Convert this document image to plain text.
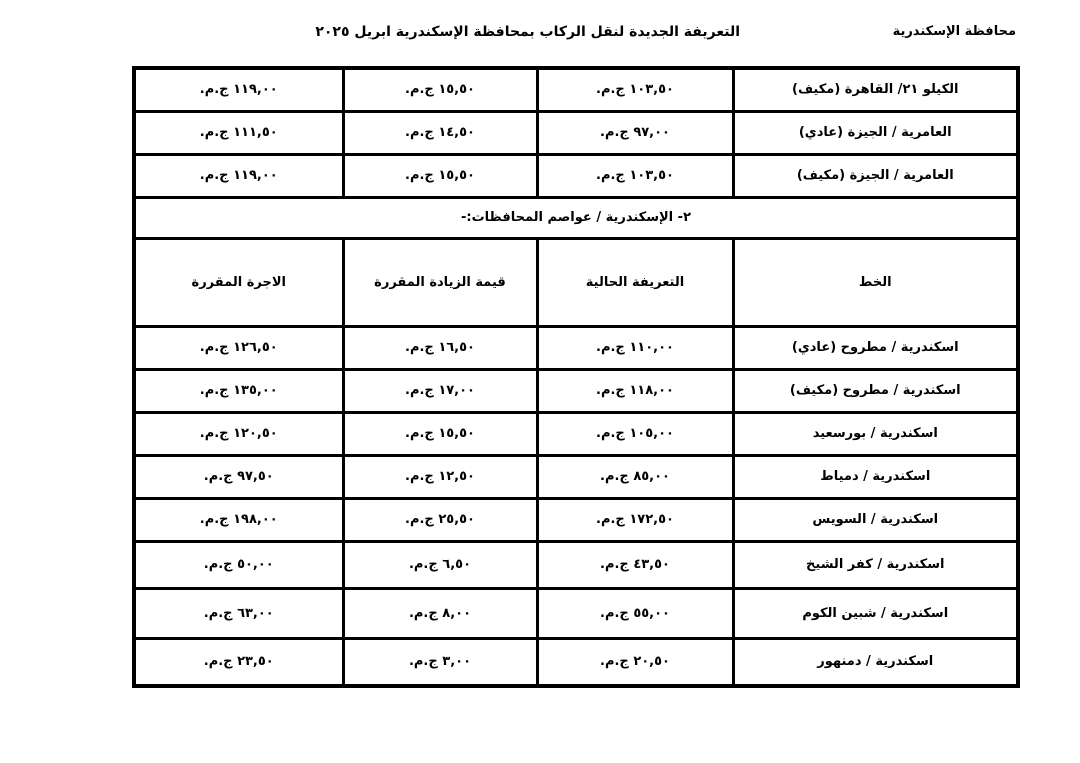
محافظة الإسكندرية
التعريفة الجديدة لنقل الركاب بمحافظة الإسكندرية ابريل ٢٠٢٥
الكيلو ٢١/ القاهرة (مكيف)	١٠٣,٥٠ ج.م.	١٥,٥٠ ج.م.	١١٩,٠٠ ج.م.
العامرية / الجيزة (عادي)	٩٧,٠٠ ج.م.	١٤,٥٠ ج.م.	١١١,٥٠ ج.م.
العامرية / الجيزة (مكيف)	١٠٣,٥٠ ج.م.	١٥,٥٠ ج.م.	١١٩,٠٠ ج.م.
٢- الإسكندرية / عواصم المحافظات:-			
الخط	التعريفة الحالية	قيمة الزيادة المقررة	الاجرة المقررة
اسكندرية / مطروح (عادي)	١١٠,٠٠ ج.م.	١٦,٥٠ ج.م.	١٢٦,٥٠ ج.م.
اسكندرية / مطروح (مكيف)	١١٨,٠٠ ج.م.	١٧,٠٠ ج.م.	١٣٥,٠٠ ج.م.
اسكندرية / بورسعيد	١٠٥,٠٠ ج.م.	١٥,٥٠ ج.م.	١٢٠,٥٠ ج.م.
اسكندرية / دمياط	٨٥,٠٠ ج.م.	١٢,٥٠ ج.م.	٩٧,٥٠ ج.م.
اسكندرية / السويس	١٧٢,٥٠ ج.م.	٢٥,٥٠ ج.م.	١٩٨,٠٠ ج.م.
اسكندرية / كفر الشيخ	٤٣,٥٠ ج.م.	٦,٥٠ ج.م.	٥٠,٠٠ ج.م.
اسكندرية / شبين الكوم	٥٥,٠٠ ج.م.	٨,٠٠ ج.م.	٦٣,٠٠ ج.م.
اسكندرية / دمنهور	٢٠,٥٠ ج.م.	٣,٠٠ ج.م.	٢٣,٥٠ ج.م.
